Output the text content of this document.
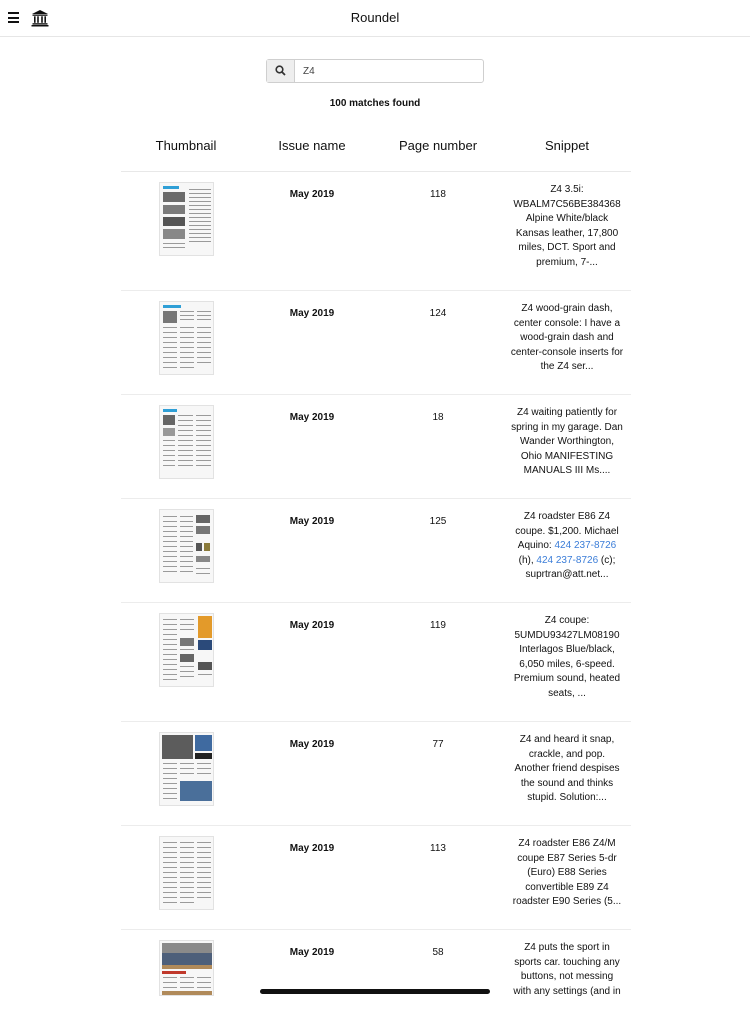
Roundel
Z4
100 matches found
Thumbnail	Issue name	Page number	Snippet
May 2019	118	Z4 3.5i:
WBALM7C56BE384368
Alpine White/black
Kansas leather, 17,800
miles, DCT. Sport and
premium, 7-...
May 2019	124	Z4 wood-grain dash,
center console: I have a
wood-grain dash and
center-console inserts for
the Z4 ser...
May 2019	18	Z4 waiting patiently for
spring in my garage. Dan
Wander Worthington,
Ohio MANIFESTING
MANUALS III Ms....
May 2019	125	Z4 roadster E86 Z4
coupe. $1,200. Michael
Aquino: 424 237-8726
(h), 424 237-8726 (c);
suprtran@att.net...
May 2019	119	Z4 coupe:
5UMDU93427LM08190
Interlagos Blue/black,
6,050 miles, 6-speed.
Premium sound, heated
seats, ...
May 2019	77	Z4 and heard it snap,
crackle, and pop.
Another friend despises
the sound and thinks
stupid. Solution:...
May 2019	113	Z4 roadster E86 Z4/M
coupe E87 Series 5-dr
(Euro) E88 Series
convertible E89 Z4
roadster E90 Series (5...
May 2019	58	Z4 puts the sport in
sports car. touching any
buttons, not messing
with any settings (and in
